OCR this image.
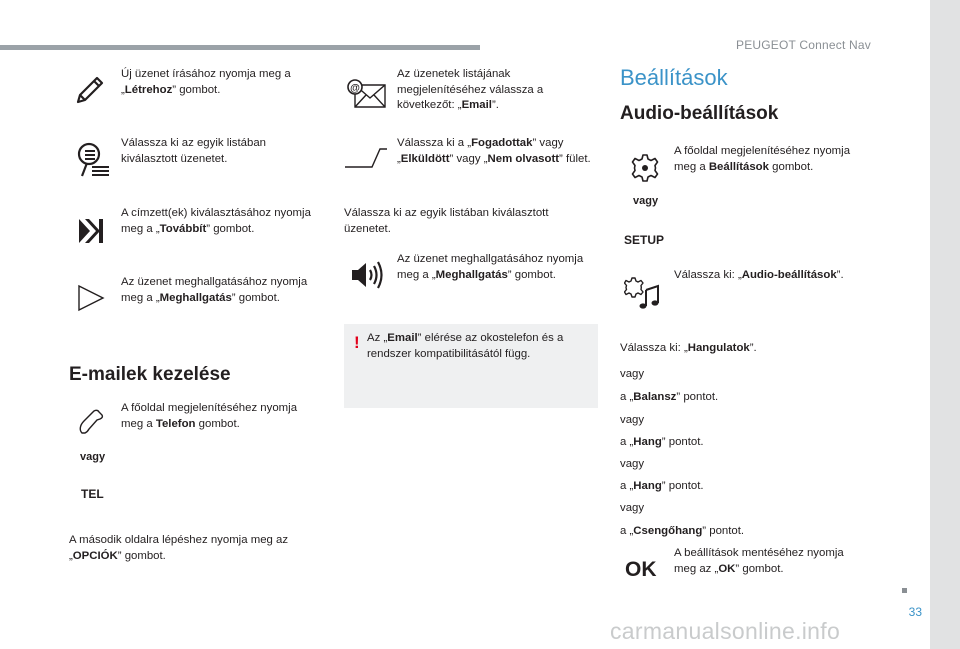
PEUGEOT Connect Nav
33
Új üzenet írásához nyomja meg a „Létrehoz” gombot.
Válassza ki az egyik listában kiválasztott üzenetet.
A címzett(ek) kiválasztásához nyomja meg a „Továbbít” gombot.
Az üzenet meghallgatásához nyomja meg a „Meghallgatás” gombot.
E-mailek kezelése
A főoldal megjelenítéséhez nyomja meg a Telefon gombot.
vagy
TEL
A második oldalra lépéshez nyomja meg az „OPCIÓK” gombot.
@
Az üzenetek listájának megjelenítéséhez válassza a következőt: „Email”.
Válassza ki a „Fogadottak” vagy „Elküldött” vagy „Nem olvasott” fület.
Válassza ki az egyik listában kiválasztott üzenetet.
Az üzenet meghallgatásához nyomja meg a „Meghallgatás” gombot.
! Az „Email” elérése az okostelefon és a rendszer kompatibilitásától függ.
Beállítások
Audio-beállítások
A főoldal megjelenítéséhez nyomja meg a Beállítások gombot.
vagy
SETUP
Válassza ki: „Audio-beállítások”.
Válassza ki: „Hangulatok”.
vagy
a „Balansz” pontot.
vagy
a „Hang” pontot.
vagy
a „Hang” pontot.
vagy
a „Csengőhang” pontot.
OK
A beállítások mentéséhez nyomja meg az „OK” gombot.
carmanualsonline.info
